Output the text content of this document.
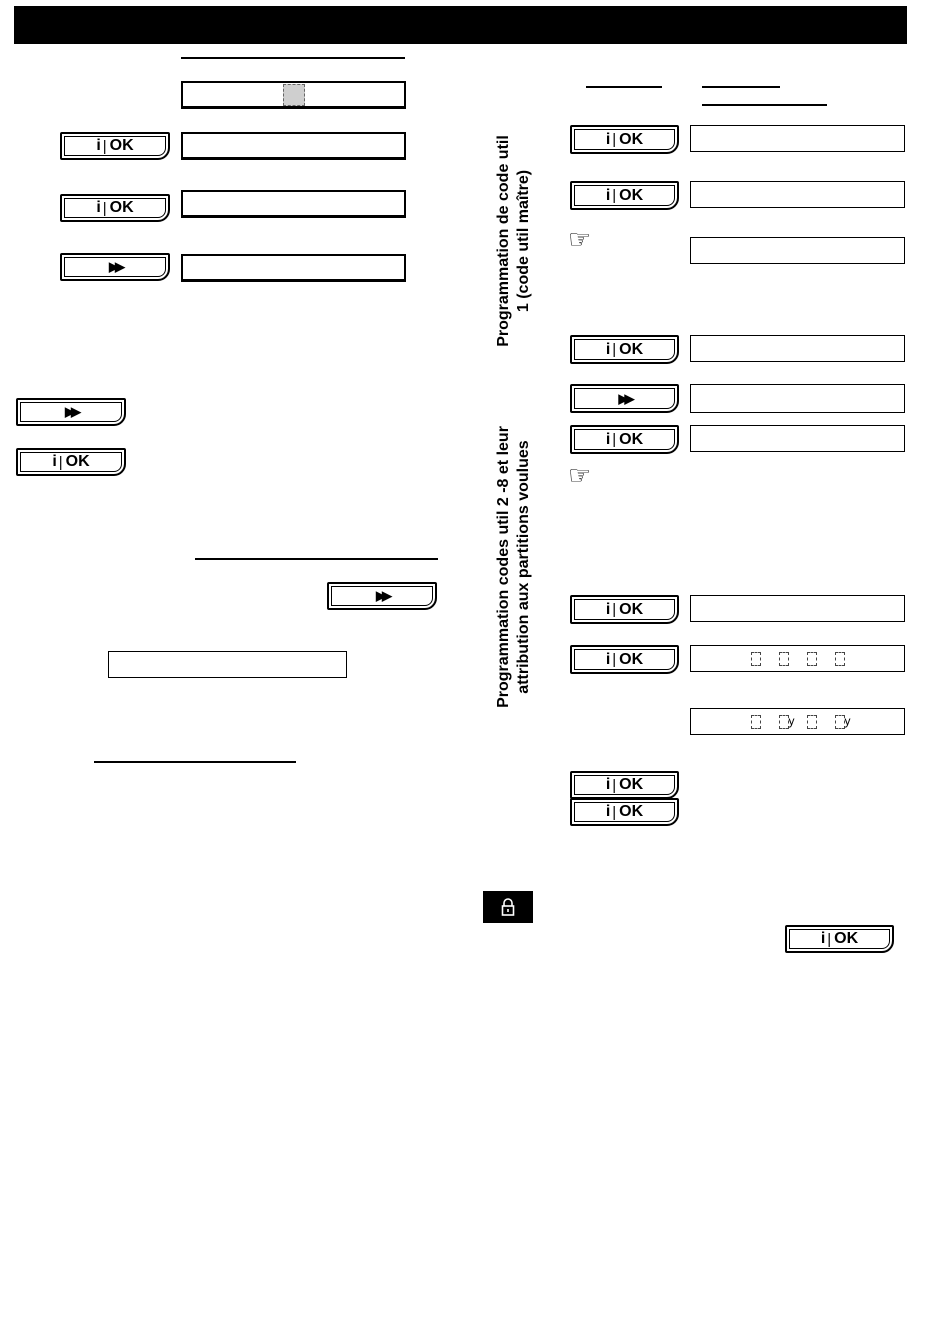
i | OK
i | OK
▶▶
▶▶
i | OK
▶▶
Programmation de code util 1 (code util maître)
Programmation codes util 2 -8 et leur attribution aux partitions voulues
i | OK
i | OK
☞
i | OK
▶▶
i | OK
☞
i | OK
i | OK
y	y
i | OK
i | OK
i | OK
